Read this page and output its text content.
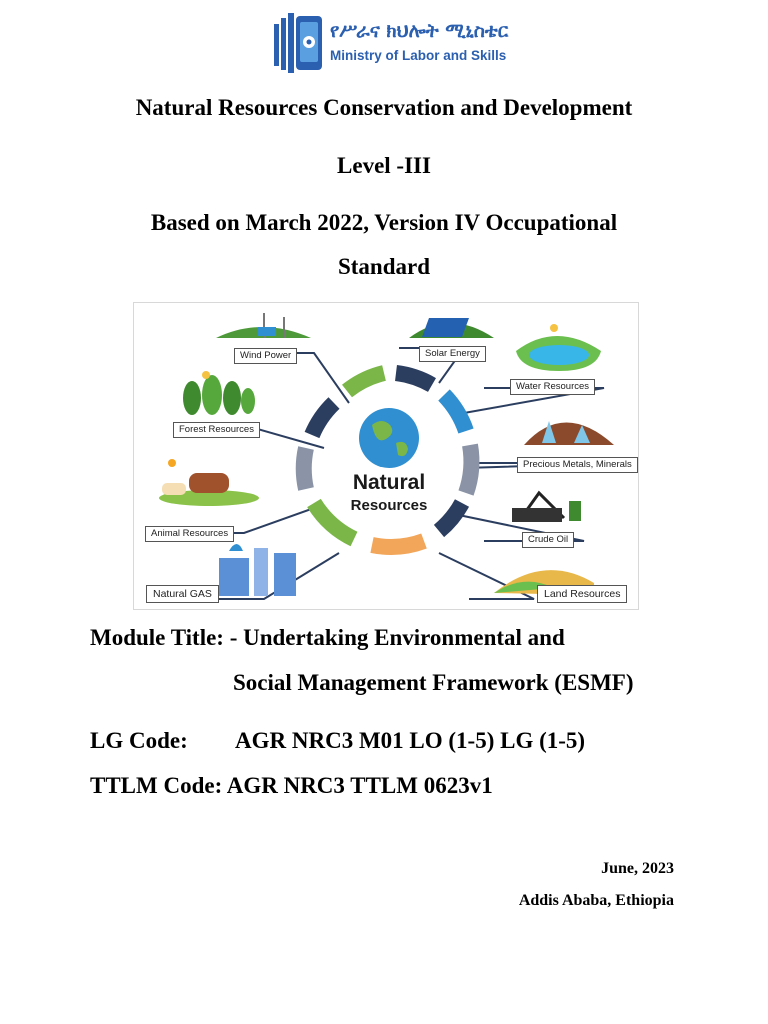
የሥራና ክህሎት ሚኒስቴር
Ministry of Labor and Skills
Natural Resources Conservation and Development
Level -III
Based on March 2022, Version IV Occupational
Standard
Wind Power
Forest Resources
Animal Resources
Natural GAS
Solar Energy
Water Resources
Precious Metals, Minerals
Crude Oil
Land Resources
Natural
Resources
Module Title: - Undertaking Environmental and
Social Management Framework (ESMF)
LG Code: AGR NRC3 M01 LO (1-5) LG (1-5)
TTLM Code: AGR NRC3 TTLM 0623v1
June, 2023
Addis Ababa, Ethiopia
